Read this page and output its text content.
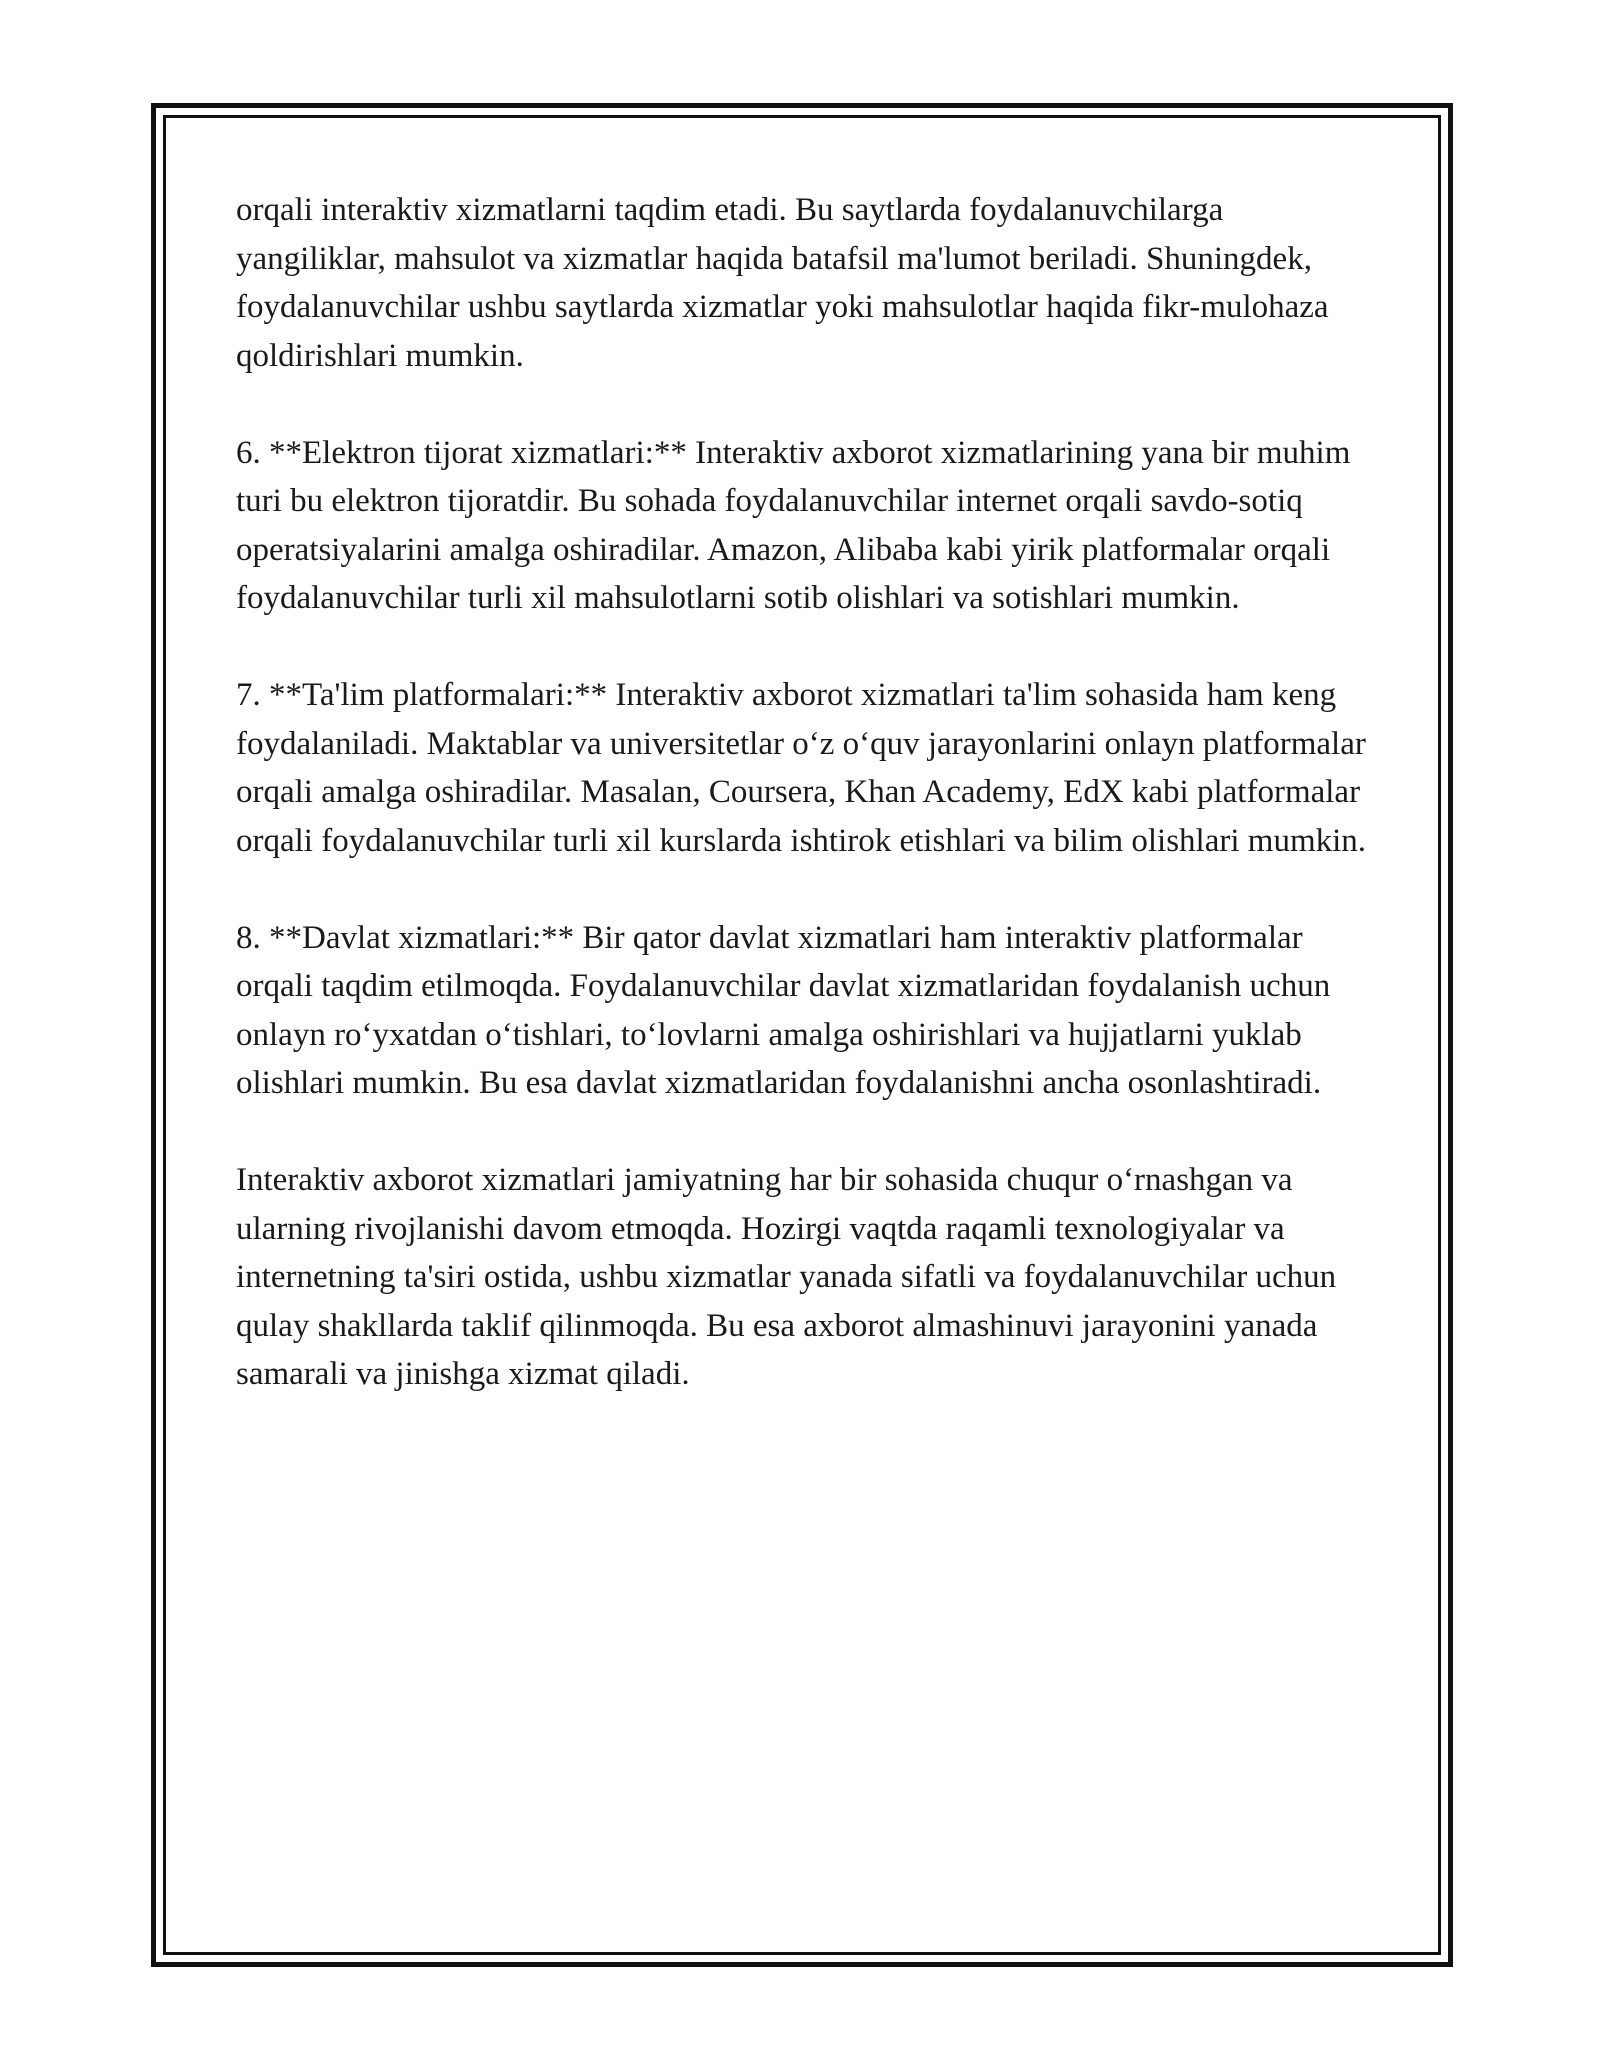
orqali interaktiv xizmatlarni taqdim etadi. Bu saytlarda foydalanuvchilarga yangiliklar, mahsulot va xizmatlar haqida batafsil ma'lumot beriladi. Shuningdek, foydalanuvchilar ushbu saytlarda xizmatlar yoki mahsulotlar haqida fikr-mulohaza qoldirishlari mumkin.

6. **Elektron tijorat xizmatlari:** Interaktiv axborot xizmatlarining yana bir muhim turi bu elektron tijoratdir. Bu sohada foydalanuvchilar internet orqali savdo-sotiq operatsiyalarini amalga oshiradilar. Amazon, Alibaba kabi yirik platformalar orqali foydalanuvchilar turli xil mahsulotlarni sotib olishlari va sotishlari mumkin.

7. **Ta'lim platformalari:** Interaktiv axborot xizmatlari ta'lim sohasida ham keng foydalaniladi. Maktablar va universitetlar o‘z o‘quv jarayonlarini onlayn platformalar orqali amalga oshiradilar. Masalan, Coursera, Khan Academy, EdX kabi platformalar orqali foydalanuvchilar turli xil kurslarda ishtirok etishlari va bilim olishlari mumkin.

8. **Davlat xizmatlari:** Bir qator davlat xizmatlari ham interaktiv platformalar orqali taqdim etilmoqda. Foydalanuvchilar davlat xizmatlaridan foydalanish uchun onlayn ro‘yxatdan o‘tishlari, to‘lovlarni amalga oshirishlari va hujjatlarni yuklab olishlari mumkin. Bu esa davlat xizmatlaridan foydalanishni ancha osonlashtiradi.

Interaktiv axborot xizmatlari jamiyatning har bir sohasida chuqur o‘rnashgan va ularning rivojlanishi davom etmoqda. Hozirgi vaqtda raqamli texnologiyalar va internetning ta'siri ostida, ushbu xizmatlar yanada sifatli va foydalanuvchilar uchun qulay shakllarda taklif qilinmoqda. Bu esa axborot almashinuvi jarayonini yanada samarali va jinishga xizmat qiladi.
